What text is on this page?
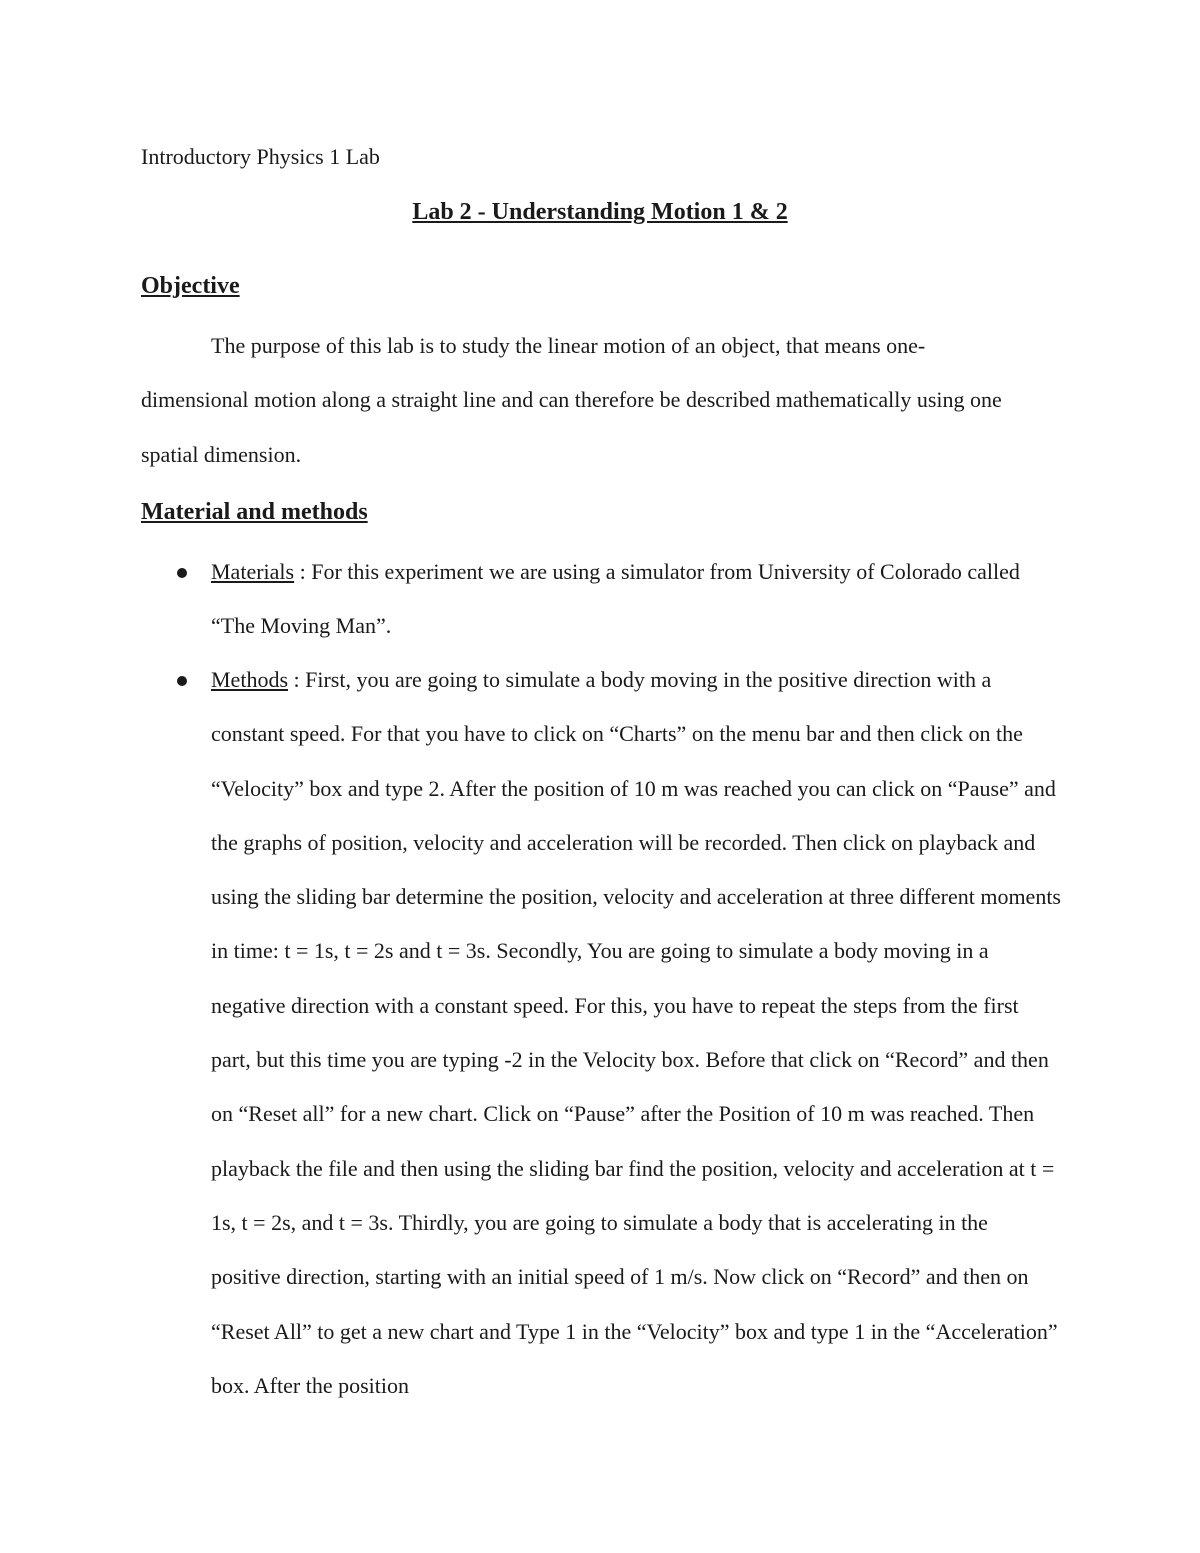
Introductory Physics 1 Lab

Lab 2 - Understanding Motion 1 & 2
Objective

The purpose of this lab is to study the linear motion of an object, that means one-dimensional motion along a straight line and can therefore be described mathematically using one spatial dimension.

Material and methods

Materials : For this experiment we are using a simulator from University of Colorado called “The Moving Man”.

Methods : First, you are going to simulate a body moving in the positive direction with a constant speed. For that you have to click on “Charts” on the menu bar and then click on the “Velocity” box and type 2. After the position of 10 m was reached you can click on “Pause” and the graphs of position, velocity and acceleration will be recorded. Then click on playback and using the sliding bar determine the position, velocity and acceleration at three different moments in time: t = 1s, t = 2s and t = 3s. Secondly, You are going to simulate a body moving in a negative direction with a constant speed. For this, you have to repeat the steps from the first part, but this time you are typing -2 in the Velocity box. Before that click on “Record” and then on “Reset all” for a new chart. Click on “Pause” after the Position of 10 m was reached. Then playback the file and then using the sliding bar find the position, velocity and acceleration at t = 1s, t = 2s, and t = 3s. Thirdly, you are going to simulate a body that is accelerating in the positive direction, starting with an initial speed of 1 m/s. Now click on “Record” and then on “Reset All” to get a new chart and Type 1 in the “Velocity” box and type 1 in the “Acceleration” box. After the position
